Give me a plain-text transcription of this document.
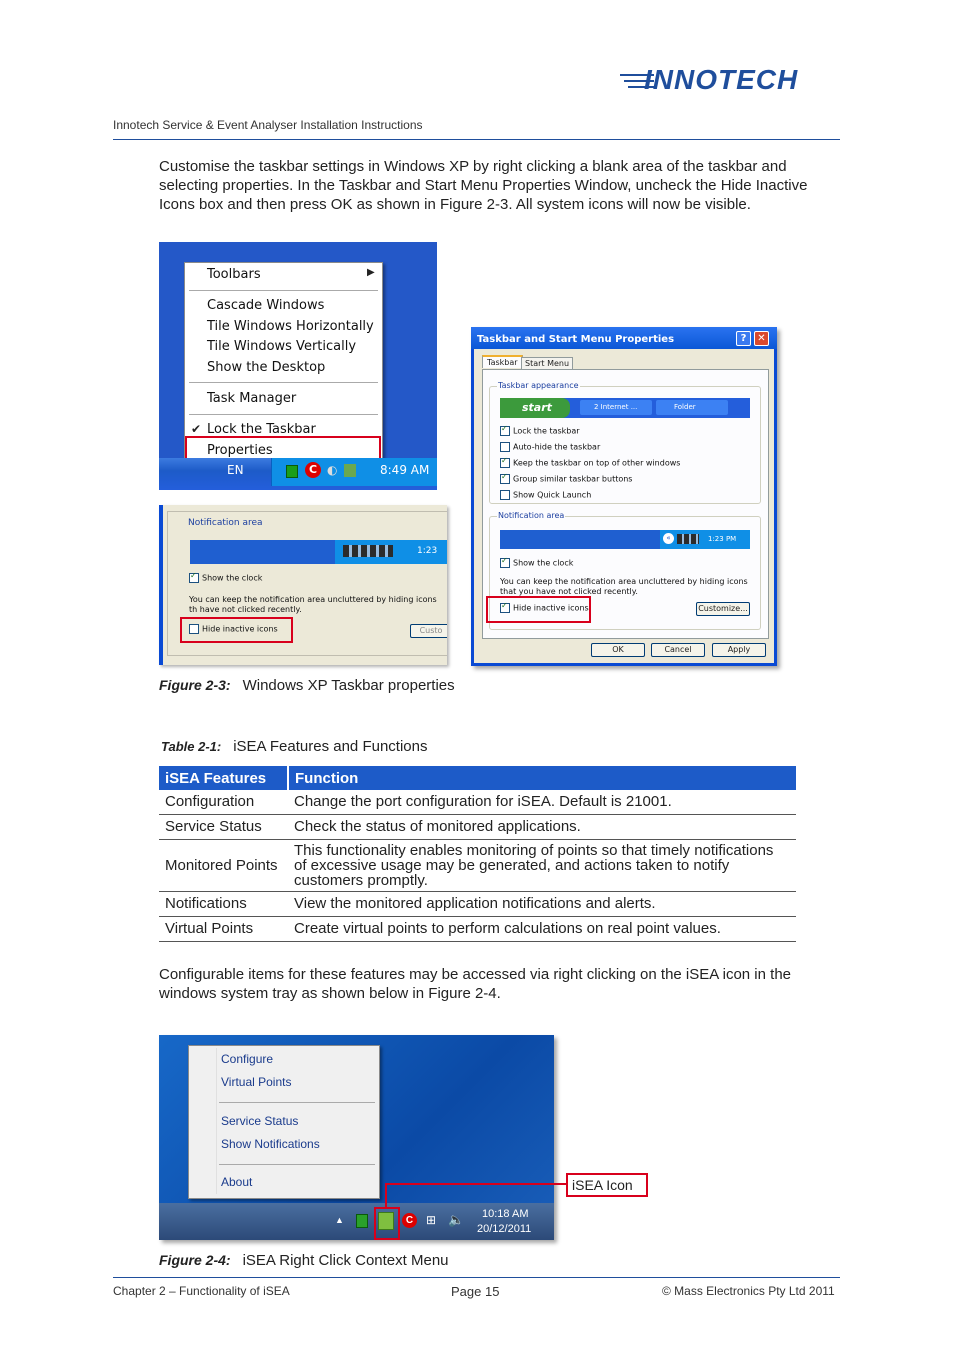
INNOTECH
Innotech Service & Event Analyser Installation Instructions
Customise the taskbar settings in Windows XP by right clicking a blank area of the taskbar and selecting properties. In the Taskbar and Start Menu Properties Window, uncheck the Hide Inactive Icons box and then press OK as shown in Figure 2-3. All system icons will now be visible.
Toolbars	▶
Cascade Windows
Tile Windows Horizontally
Tile Windows Vertically
Show the Desktop
Task Manager
✔ Lock the Taskbar
Properties
EN	C ◐	8:49 AM
Notification area
1:23
✓Show the clock
You can keep the notification area uncluttered by hiding icons th have not clicked recently.
Hide inactive icons	Custo
Taskbar and Start Menu Properties	?	✕
Taskbar Start Menu
Taskbar appearance
start	2 Internet ...	Folder
✓Lock the taskbar
Auto-hide the taskbar
✓Keep the taskbar on top of other windows
✓Group similar taskbar buttons
Show Quick Launch
Notification area
«	1:23 PM
✓Show the clock
You can keep the notification area uncluttered by hiding icons that you have not clicked recently.
✓Hide inactive icons	Customize...
OK	Cancel	Apply
Figure 2-3: Windows XP Taskbar properties
Table 2-1: iSEA Features and Functions
iSEA Features	Function
Configuration	Change the port configuration for iSEA. Default is 21001.
Service Status	Check the status of monitored applications.
Monitored Points	This functionality enables monitoring of points so that timely notifications of excessive usage may be generated, and actions taken to notify customers promptly.
Notifications	View the monitored application notifications and alerts.
Virtual Points	Create virtual points to perform calculations on real point values.
Configurable items for these features may be accessed via right clicking on the iSEA icon in the windows system tray as shown below in Figure 2-4.
Configure
Virtual Points
Service Status
Show Notifications
About
▲	C	⊞ 🔈 10:18 AM
20/12/2011
iSEA Icon
Figure 2-4: iSEA Right Click Context Menu
Chapter 2 – Functionality of iSEA	Page 15	© Mass Electronics Pty Ltd 2011
